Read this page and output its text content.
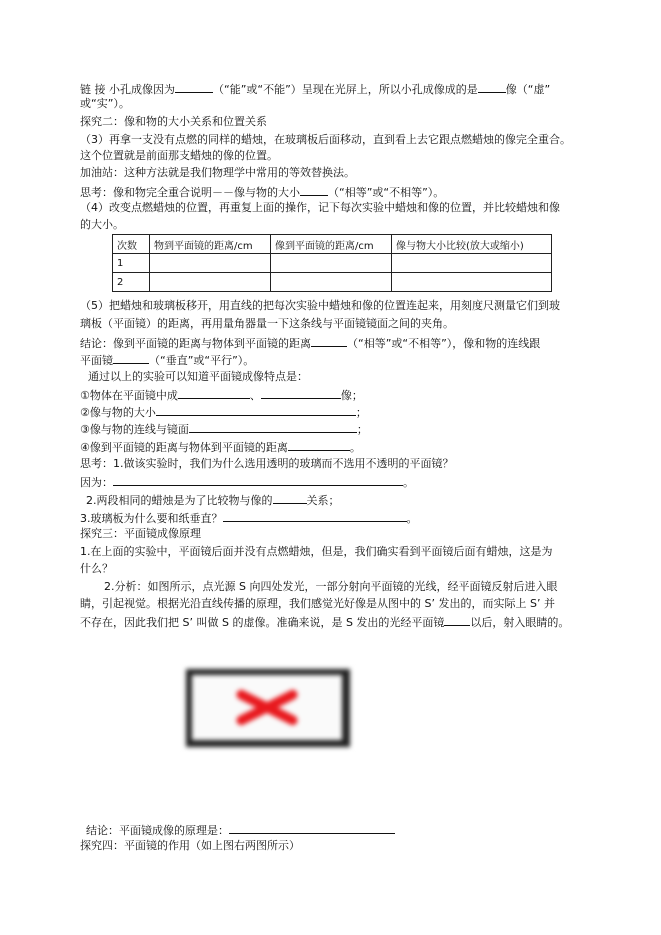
链 接 小孔成像因为	（“能”或“不能”）呈现在光屏上，所以小孔成像成的是	像（“虚”
或“实”）。
探究二：像和物的大小关系和位置关系
（3）再拿一支没有点燃的同样的蜡烛，在玻璃板后面移动，直到看上去它跟点燃蜡烛的像完全重合。
这个位置就是前面那支蜡烛的像的位置。
加油站：这种方法就是我们物理学中常用的等效替换法。
思考：像和物完全重合说明－－像与物的大小	（“相等”或“不相等”）。
（4）改变点燃蜡烛的位置，再重复上面的操作，记下每次实验中蜡烛和像的位置，并比较蜡烛和像
的大小。
次数	物到平面镜的距离/cm	像到平面镜的距离/cm	像与物大小比较(放大或缩小)
1			
2			
（5）把蜡烛和玻璃板移开，用直线的把每次实验中蜡烛和像的位置连起来，用刻度尺测量它们到玻
璃板（平面镜）的距离，再用量角器量一下这条线与平面镜镜面之间的夹角。
结论：像到平面镜的距离与物体到平面镜的距离	（“相等”或“不相等”），像和物的连线跟
平面镜	（“垂直”或“平行”）。
通过以上的实验可以知道平面镜成像特点是：
①物体在平面镜中成	、	像；
②像与物的大小	；
③像与物的连线与镜面	；
④像到平面镜的距离与物体到平面镜的距离	。
思考：1.做该实验时，我们为什么选用透明的玻璃而不选用不透明的平面镜？
因为：	。
2.两段相同的蜡烛是为了比较物与像的	关系；
3.玻璃板为什么要和纸垂直？	。
探究三：平面镜成像原理
1.在上面的实验中，平面镜后面并没有点燃蜡烛，但是，我们确实看到平面镜后面有蜡烛，这是为
什么？
2.分析：如图所示，点光源 S 向四处发光，一部分射向平面镜的光线，经平面镜反射后进入眼
睛，引起视觉。根据光沿直线传播的原理，我们感觉光好像是从图中的 S’ 发出的，而实际上 S’ 并
不存在，因此我们把 S’ 叫做 S 的虚像。准确来说，是 S 发出的光经平面镜 以后，射入眼睛的。
结论：平面镜成像的原理是：
探究四：平面镜的作用（如上图右两图所示）
